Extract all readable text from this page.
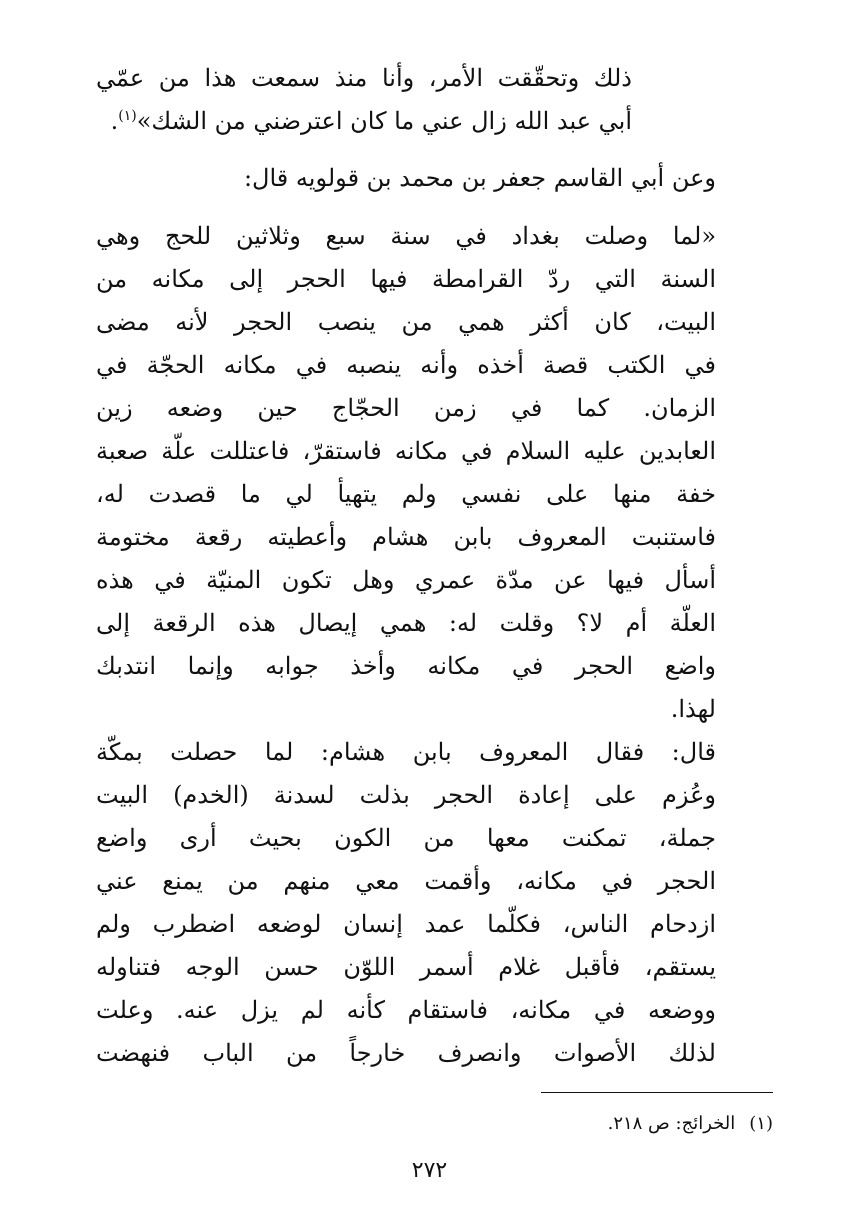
ذلك وتحقّقت الأمر، وأنا منذ سمعت هذا من عمّي
أبي عبد الله زال عني ما كان اعترضني من الشك»$^{(١)}$.
وعن أبي القاسم جعفر بن محمد بن قولويه قال:
«لما وصلت بغداد في سنة سبع وثلاثين للحج وهي
السنة التي ردّ القرامطة فيها الحجر إلى مكانه من
البيت، كان أكثر همي من ينصب الحجر لأنه مضى
في الكتب قصة أخذه وأنه ينصبه في مكانه الحجّة في
الزمان. كما في زمن الحجّاج حين وضعه زين
العابدين عليه السلام في مكانه فاستقرّ، فاعتللت علّة صعبة
خفة منها على نفسي ولم يتهيأ لي ما قصدت له،
فاستنبت المعروف بابن هشام وأعطيته رقعة مختومة
أسأل فيها عن مدّة عمري وهل تكون المنيّة في هذه
العلّة أم لا؟ وقلت له: همي إيصال هذه الرقعة إلى
واضع الحجر في مكانه وأخذ جوابه وإنما انتدبك
لهذا.
قال: فقال المعروف بابن هشام: لما حصلت بمكّة
وعُزم على إعادة الحجر بذلت لسدنة (الخدم) البيت
جملة، تمكنت معها من الكون بحيث أرى واضع
الحجر في مكانه، وأقمت معي منهم من يمنع عني
ازدحام الناس، فكلّما عمد إنسان لوضعه اضطرب ولم
يستقم، فأقبل غلام أسمر اللوّن حسن الوجه فتناوله
ووضعه في مكانه، فاستقام كأنه لم يزل عنه. وعلت
لذلك الأصوات وانصرف خارجاً من الباب فنهضت
(١)الخرائج: ص ٢١٨.
٢٧٢
